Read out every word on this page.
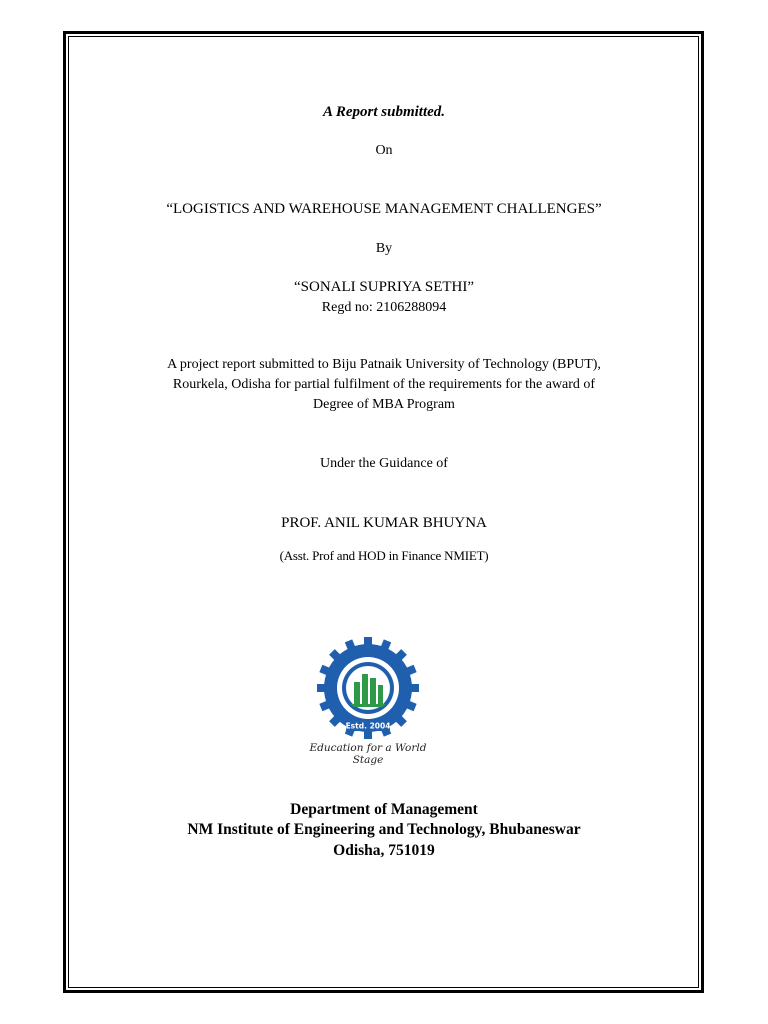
A Report submitted.
On
“LOGISTICS AND WAREHOUSE MANAGEMENT CHALLENGES”
By
“SONALI SUPRIYA SETHI”
Regd no: 2106288094
A project report submitted to Biju Patnaik University of Technology (BPUT),
Rourkela, Odisha for partial fulfilment of the requirements for the award of
Degree of MBA Program
Under the Guidance of
PROF. ANIL KUMAR BHUYNA
(Asst. Prof and HOD in Finance NMIET)
Estd. 2004
Education for a World Stage
Department of Management
NM Institute of Engineering and Technology, Bhubaneswar
Odisha, 751019
